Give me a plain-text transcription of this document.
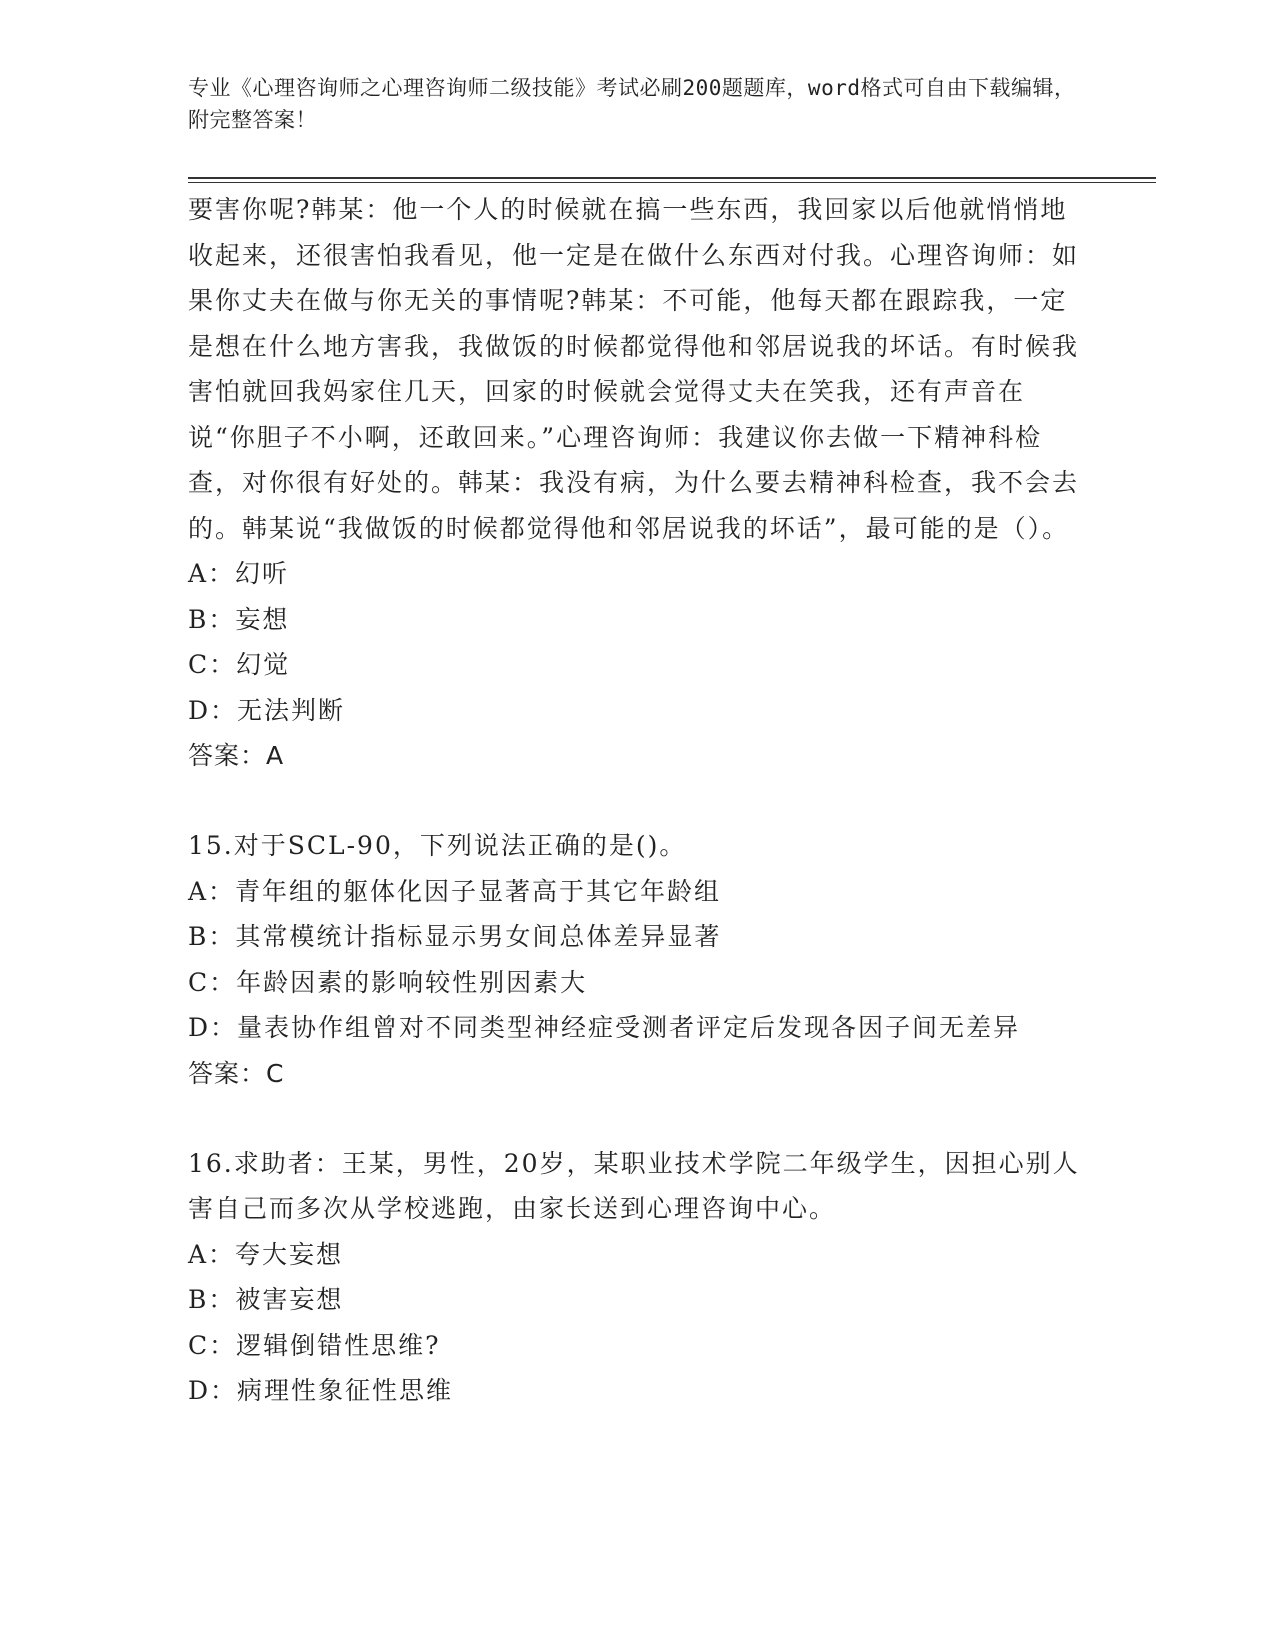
专业《心理咨询师之心理咨询师二级技能》考试必刷200题题库，word格式可自由下载编辑，附完整答案！

要害你呢?韩某：他一个人的时候就在搞一些东西，我回家以后他就悄悄地收起来，还很害怕我看见，他一定是在做什么东西对付我。心理咨询师：如果你丈夫在做与你无关的事情呢?韩某：不可能，他每天都在跟踪我，一定是想在什么地方害我，我做饭的时候都觉得他和邻居说我的坏话。有时候我害怕就回我妈家住几天，回家的时候就会觉得丈夫在笑我，还有声音在说“你胆子不小啊，还敢回来。”心理咨询师：我建议你去做一下精神科检查，对你很有好处的。韩某：我没有病，为什么要去精神科检查，我不会去的。韩某说“我做饭的时候都觉得他和邻居说我的坏话”，最可能的是（）。

A：幻听

B：妄想

C：幻觉

D：无法判断

答案：A

15.对于SCL-90，下列说法正确的是()。

A：青年组的躯体化因子显著高于其它年龄组

B：其常模统计指标显示男女间总体差异显著

C：年龄因素的影响较性别因素大

D：量表协作组曾对不同类型神经症受测者评定后发现各因子间无差异

答案：C

16.求助者：王某，男性，20岁，某职业技术学院二年级学生，因担心别人害自己而多次从学校逃跑，由家长送到心理咨询中心。

A：夸大妄想

B：被害妄想

C：逻辑倒错性思维?

D：病理性象征性思维
